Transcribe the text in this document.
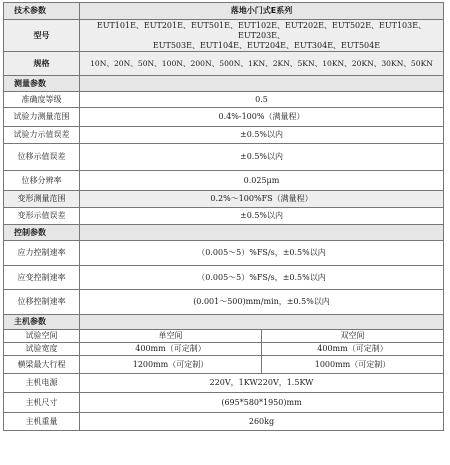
技术参数	落地小门式E系列	
型号	EUT101E、EUT201E、EUT501E、EUT102E、EUT202E、EUT502E、EUT103E、EUT203E、
EUT503E、EUT104E、EUT204E、EUT304E、EUT504E	

规格	10N、20N、50N、100N、200N、500N、1KN、2KN、5KN、10KN、20KN、30KN、50KN	
测量参数		
准确度等级	0.5	
试验力测量范围	0.4%-100%（满量程）	
试验力示值误差	±0.5%以内	
位移示值误差	±0.5%以内	
位移分辨率	0.025μm	
变形测量范围	0.2%～100%FS（满量程）	
变形示值误差	±0.5%以内	
控制参数		
应力控制速率	（0.005～5）%FS/s，±0.5%以内	
应变控制速率	（0.005～5）%FS/s，±0.5%以内	
位移控制速率	(0.001～500)mm/min，±0.5%以内	
主机参数		
试验空间	单空间	双空间
试验宽度	400mm（可定制）	400mm（可定制）
横梁最大行程	1200mm（可定制）	1000mm（可定制）
主机电源	220V，1KW220V，1.5KW	
主机尺寸	(695*580*1950)mm	
主机重量	260kg	
